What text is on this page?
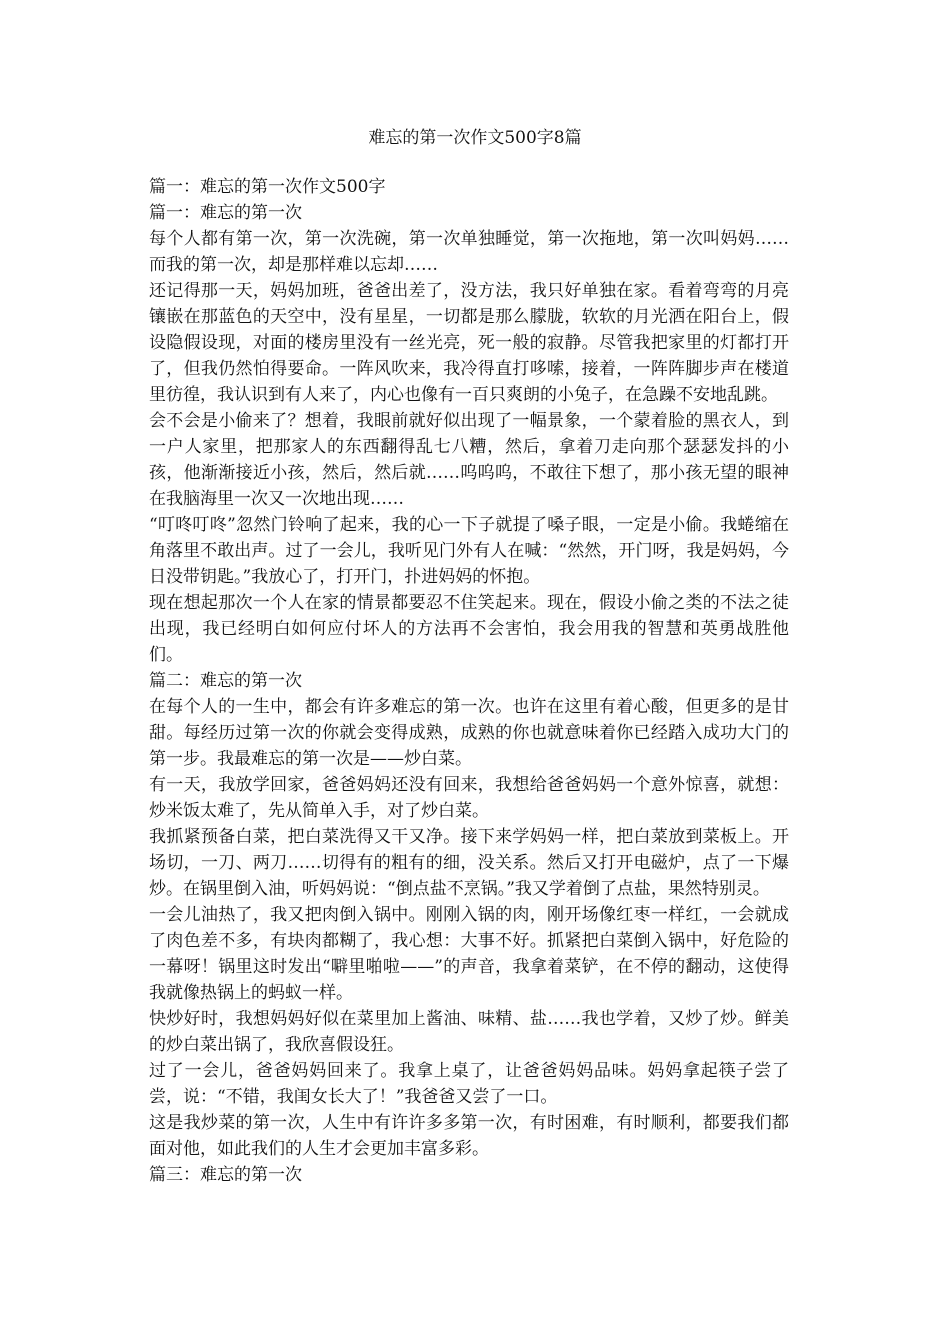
难忘的第一次作文500字8篇

篇一：难忘的第一次作文500字

篇一：难忘的第一次

每个人都有第一次，第一次洗碗，第一次单独睡觉，第一次拖地，第一次叫妈妈……而我的第一次，却是那样难以忘却……

还记得那一天，妈妈加班，爸爸出差了，没方法，我只好单独在家。看着弯弯的月亮镶嵌在那蓝色的天空中，没有星星，一切都是那么朦胧，软软的月光洒在阳台上，假设隐假设现，对面的楼房里没有一丝光亮，死一般的寂静。尽管我把家里的灯都打开了，但我仍然怕得要命。一阵风吹来，我冷得直打哆嗦，接着，一阵阵脚步声在楼道里彷徨，我认识到有人来了，内心也像有一百只爽朗的小兔子，在急躁不安地乱跳。

会不会是小偷来了？想着，我眼前就好似出现了一幅景象，一个蒙着脸的黑衣人，到一户人家里，把那家人的东西翻得乱七八糟，然后，拿着刀走向那个瑟瑟发抖的小孩，他渐渐接近小孩，然后，然后就……呜呜呜，不敢往下想了，那小孩无望的眼神在我脑海里一次又一次地出现……

“叮咚叮咚”忽然门铃响了起来，我的心一下子就提了嗓子眼，一定是小偷。我蜷缩在角落里不敢出声。过了一会儿，我听见门外有人在喊：“然然，开门呀，我是妈妈，今日没带钥匙。”我放心了，打开门，扑进妈妈的怀抱。

现在想起那次一个人在家的情景都要忍不住笑起来。现在，假设小偷之类的不法之徒出现，我已经明白如何应付坏人的方法再不会害怕，我会用我的智慧和英勇战胜他们。

篇二：难忘的第一次

在每个人的一生中，都会有许多难忘的第一次。也许在这里有着心酸，但更多的是甘甜。每经历过第一次的你就会变得成熟，成熟的你也就意味着你已经踏入成功大门的第一步。我最难忘的第一次是——炒白菜。

有一天，我放学回家，爸爸妈妈还没有回来，我想给爸爸妈妈一个意外惊喜，就想：炒米饭太难了，先从简单入手，对了炒白菜。

我抓紧预备白菜，把白菜洗得又干又净。接下来学妈妈一样，把白菜放到菜板上。开场切，一刀、两刀……切得有的粗有的细，没关系。然后又打开电磁炉，点了一下爆炒。在锅里倒入油，听妈妈说：“倒点盐不烹锅。”我又学着倒了点盐，果然特别灵。

一会儿油热了，我又把肉倒入锅中。刚刚入锅的肉，刚开场像红枣一样红，一会就成了肉色差不多，有块肉都糊了，我心想：大事不好。抓紧把白菜倒入锅中，好危险的一幕呀！锅里这时发出“噼里啪啦——”的声音，我拿着菜铲，在不停的翻动，这使得我就像热锅上的蚂蚁一样。

快炒好时，我想妈妈好似在菜里加上酱油、味精、盐……我也学着，又炒了炒。鲜美的炒白菜出锅了，我欣喜假设狂。

过了一会儿，爸爸妈妈回来了。我拿上桌了，让爸爸妈妈品味。妈妈拿起筷子尝了尝，说：“不错，我闺女长大了！”我爸爸又尝了一口。

这是我炒菜的第一次，人生中有许许多多第一次，有时困难，有时顺利，都要我们都面对他，如此我们的人生才会更加丰富多彩。

篇三：难忘的第一次
